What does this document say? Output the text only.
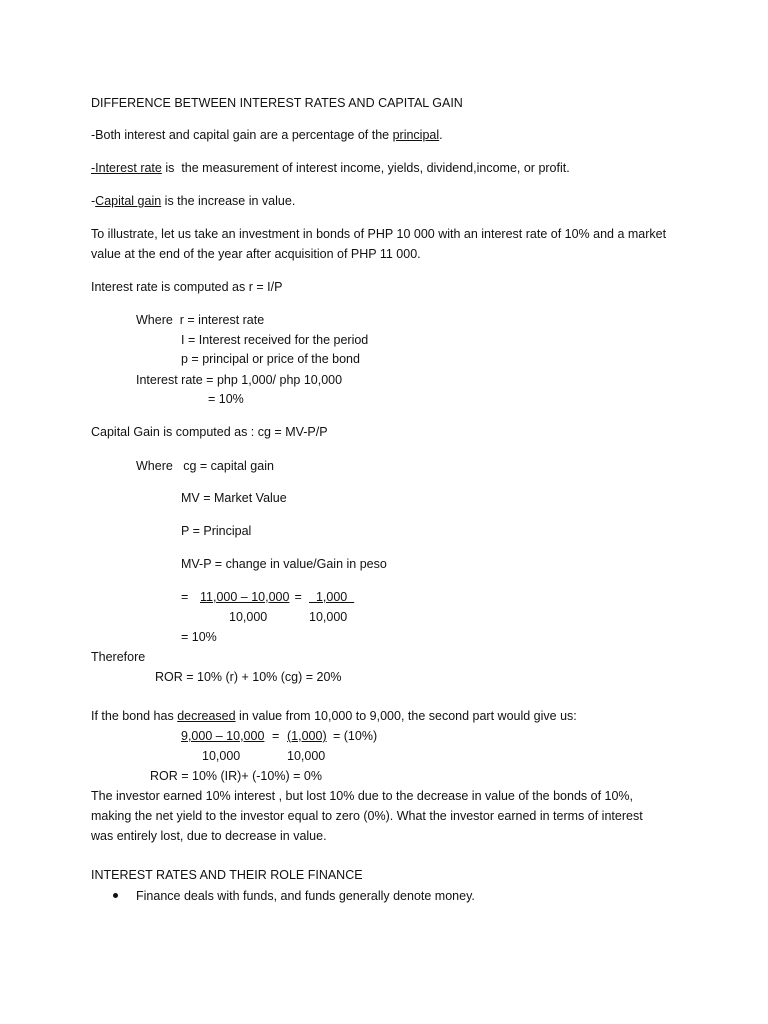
DIFFERENCE BETWEEN INTEREST RATES AND CAPITAL GAIN
-Both interest and capital gain are a percentage of the principal.
-Interest rate is  the measurement of interest income, yields, dividend,income, or profit.
-Capital gain is the increase in value.
To illustrate, let us take an investment in bonds of PHP 10 000 with an interest rate of 10% and a market
value at the end of the year after acquisition of PHP 11 000.
Interest rate is computed as r = I/P
Where  r = interest rate
I = Interest received for the period
p = principal or price of the bond
Interest rate = php 1,000/ php 10,000
= 10%
Capital Gain is computed as : cg = MV-P/P
Where   cg = capital gain
MV = Market Value
P = Principal
MV-P = change in value/Gain in peso
= 11,000 – 10,000 = 1,000
10,000	10,000
= 10%
Therefore
ROR = 10% (r) + 10% (cg) = 20%
If the bond has decreased in value from 10,000 to 9,000, the second part would give us:
9,000 – 10,000 = (1,000) = (10%)
10,000	10,000
ROR = 10% (IR)+ (-10%) = 0%
The investor earned 10% interest , but lost 10% due to the decrease in value of the bonds of 10%,
making the net yield to the investor equal to zero (0%). What the investor earned in terms of interest
was entirely lost, due to decrease in value.
INTEREST RATES AND THEIR ROLE FINANCE
Finance deals with funds, and funds generally denote money.
